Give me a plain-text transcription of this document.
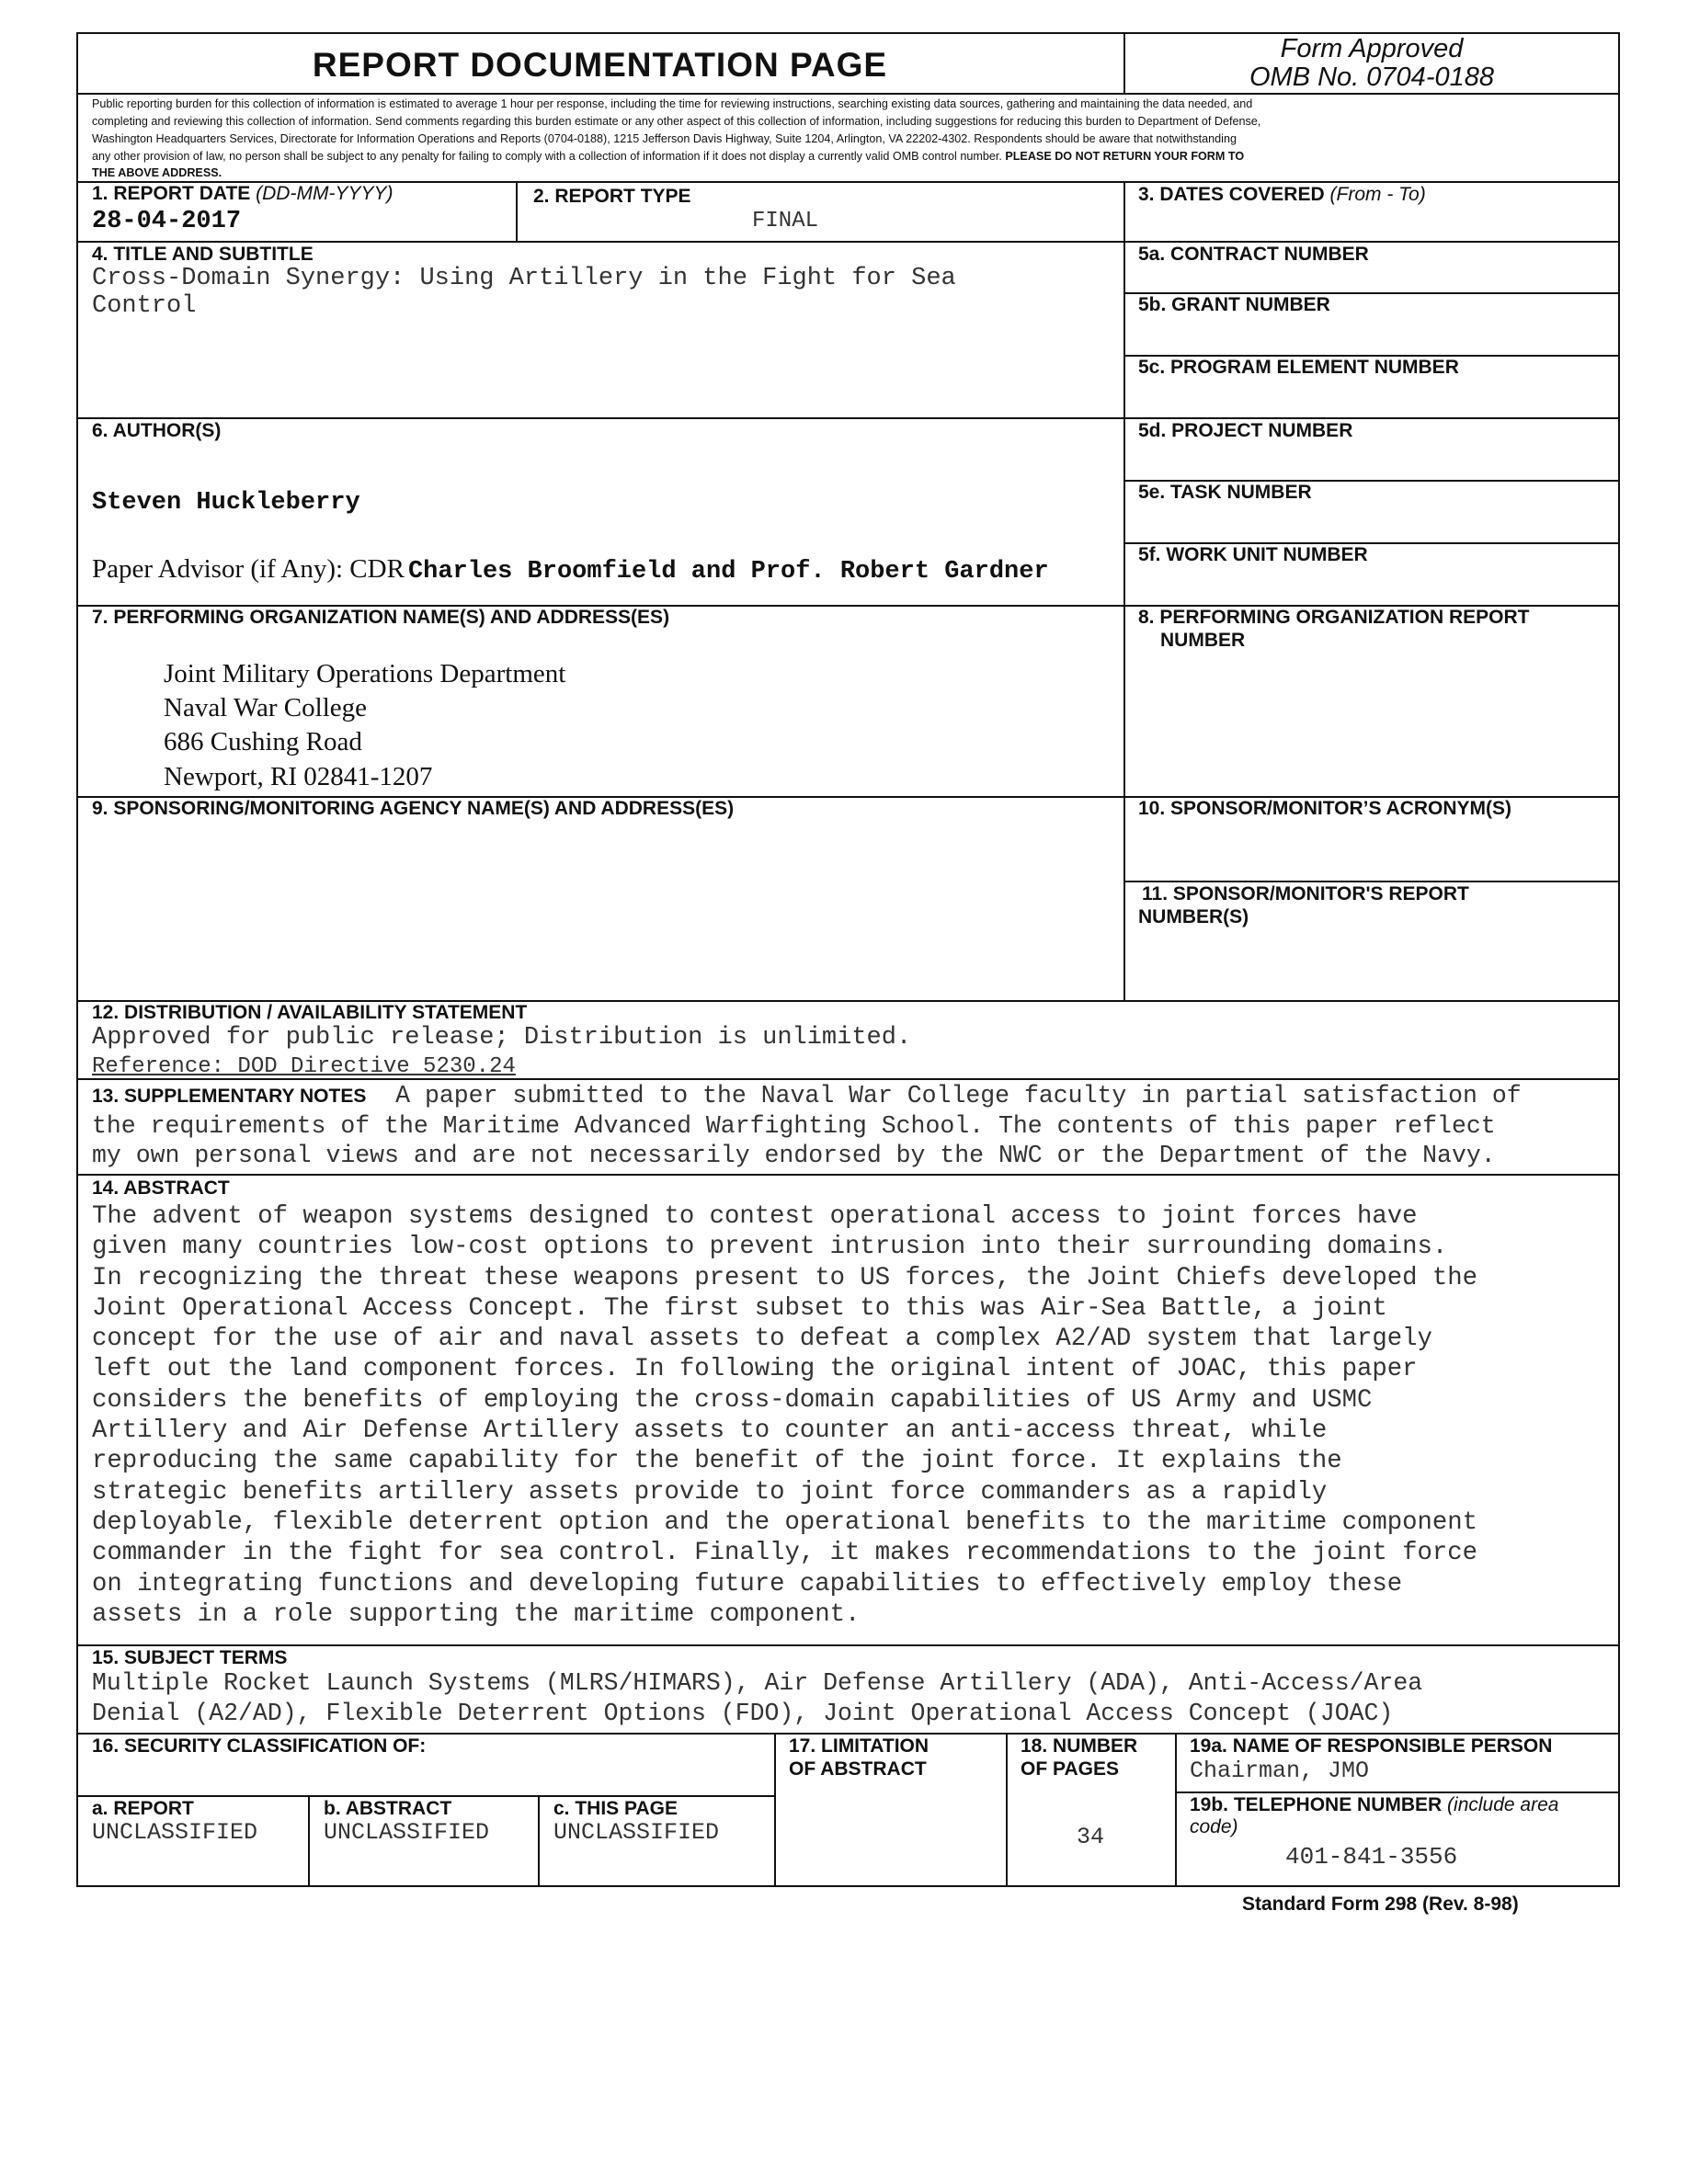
REPORT DOCUMENTATION PAGE	Form Approved
OMB No. 0704-0188
Public reporting burden for this collection of information is estimated to average 1 hour per response, including the time for reviewing instructions, searching existing data sources, gathering and maintaining the data needed, and
completing and reviewing this collection of information. Send comments regarding this burden estimate or any other aspect of this collection of information, including suggestions for reducing this burden to Department of Defense,
Washington Headquarters Services, Directorate for Information Operations and Reports (0704-0188), 1215 Jefferson Davis Highway, Suite 1204, Arlington, VA 22202-4302. Respondents should be aware that notwithstanding
any other provision of law, no person shall be subject to any penalty for failing to comply with a collection of information if it does not display a currently valid OMB control number. PLEASE DO NOT RETURN YOUR FORM TO
THE ABOVE ADDRESS.
1. REPORT DATE (DD-MM-YYYY)
28-04-2017
2. REPORT TYPE
FINAL
3. DATES COVERED (From - To)
4. TITLE AND SUBTITLE
Cross-Domain Synergy: Using Artillery in the Fight for Sea
Control
5a. CONTRACT NUMBER
5b. GRANT NUMBER
5c. PROGRAM ELEMENT NUMBER
6. AUTHOR(S)
Steven Huckleberry
Paper Advisor (if Any): CDR Charles Broomfield and Prof. Robert Gardner
5d. PROJECT NUMBER
5e. TASK NUMBER
5f. WORK UNIT NUMBER
7. PERFORMING ORGANIZATION NAME(S) AND ADDRESS(ES)
Joint Military Operations Department
Naval War College
686 Cushing Road
Newport, RI 02841-1207
8. PERFORMING ORGANIZATION REPORT
NUMBER
9. SPONSORING/MONITORING AGENCY NAME(S) AND ADDRESS(ES)	10. SPONSOR/MONITOR’S ACRONYM(S)
11. SPONSOR/MONITOR'S REPORT
NUMBER(S)
12. DISTRIBUTION / AVAILABILITY STATEMENT
Approved for public release; Distribution is unlimited.
Reference: DOD Directive 5230.24
13. SUPPLEMENTARY NOTES A paper submitted to the Naval War College faculty in partial satisfaction of
the requirements of the Maritime Advanced Warfighting School. The contents of this paper reflect
my own personal views and are not necessarily endorsed by the NWC or the Department of the Navy.
14. ABSTRACT
The advent of weapon systems designed to contest operational access to joint forces have
given many countries low-cost options to prevent intrusion into their surrounding domains.
In recognizing the threat these weapons present to US forces, the Joint Chiefs developed the
Joint Operational Access Concept. The first subset to this was Air-Sea Battle, a joint
concept for the use of air and naval assets to defeat a complex A2/AD system that largely
left out the land component forces. In following the original intent of JOAC, this paper
considers the benefits of employing the cross-domain capabilities of US Army and USMC
Artillery and Air Defense Artillery assets to counter an anti-access threat, while
reproducing the same capability for the benefit of the joint force. It explains the
strategic benefits artillery assets provide to joint force commanders as a rapidly
deployable, flexible deterrent option and the operational benefits to the maritime component
commander in the fight for sea control. Finally, it makes recommendations to the joint force
on integrating functions and developing future capabilities to effectively employ these
assets in a role supporting the maritime component.
15. SUBJECT TERMS
Multiple Rocket Launch Systems (MLRS/HIMARS), Air Defense Artillery (ADA), Anti-Access/Area
Denial (A2/AD), Flexible Deterrent Options (FDO), Joint Operational Access Concept (JOAC)
16. SECURITY CLASSIFICATION OF:
a. REPORT
UNCLASSIFIED
b. ABSTRACT
UNCLASSIFIED
c. THIS PAGE
UNCLASSIFIED
17. LIMITATION
OF ABSTRACT
18. NUMBER
OF PAGES
34
19a. NAME OF RESPONSIBLE PERSON
Chairman, JMO
19b. TELEPHONE NUMBER (include area
code)
401-841-3556
Standard Form 298 (Rev. 8-98)
